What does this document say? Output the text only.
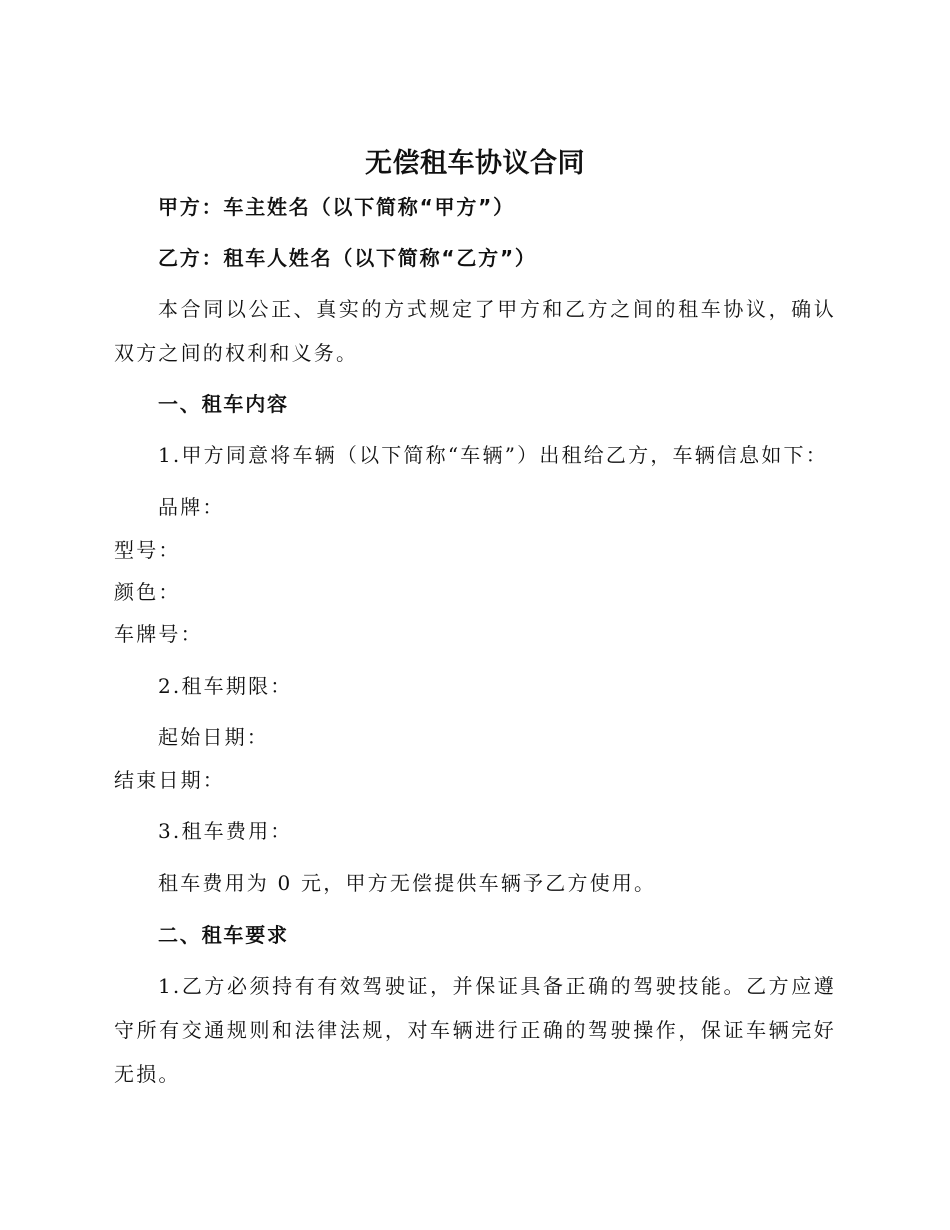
无偿租车协议合同
甲方：车主姓名（以下简称“甲方”）
乙方：租车人姓名（以下简称“乙方”）
本合同以公正、真实的方式规定了甲方和乙方之间的租车协议，确认双方之间的权利和义务。
一、租车内容
1.甲方同意将车辆（以下简称“车辆”）出租给乙方，车辆信息如下：
品牌：
型号：
颜色：
车牌号：
2.租车期限：
起始日期：
结束日期：
3.租车费用：
租车费用为 0 元，甲方无偿提供车辆予乙方使用。
二、租车要求
1.乙方必须持有有效驾驶证，并保证具备正确的驾驶技能。乙方应遵守所有交通规则和法律法规，对车辆进行正确的驾驶操作，保证车辆完好无损。
